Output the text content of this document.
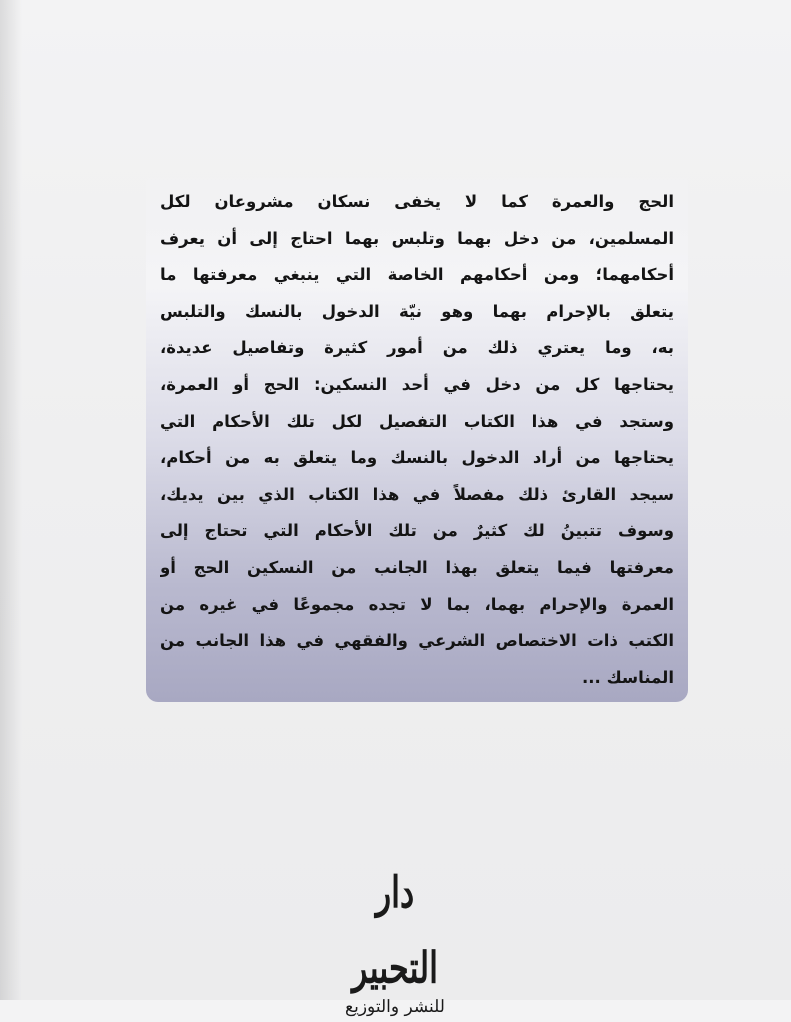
الحج والعمرة كما لا يخفى نسكان مشروعان لكل
المسلمين، من دخل بهما وتلبس بهما احتاج إلى أن يعرف
أحكامهما؛ ومن أحكامهم الخاصة التي ينبغي معرفتها ما
يتعلق بالإحرام بهما وهو نيّة الدخول بالنسك والتلبس
به، وما يعتري ذلك من أمور كثيرة وتفاصيل عديدة،
يحتاجها كل من دخل في أحد النسكين: الحج أو العمرة،
وستجد في هذا الكتاب التفصيل لكل تلك الأحكام التي
يحتاجها من أراد الدخول بالنسك وما يتعلق به من أحكام،
سيجد القارئ ذلك مفصلاً في هذا الكتاب الذي بين يديك،
وسوف تتبينُ لك كثيرٌ من تلك الأحكام التي تحتاج إلى
معرفتها فيما يتعلق بهذا الجانب من النسكين الحج أو
العمرة والإحرام بهما، بما لا تجده مجموعًا في غيره من
الكتب ذات الاختصاص الشرعي والفقهي في هذا الجانب من
المناسك ...
دار التحبير
للنشر والتوزيع
